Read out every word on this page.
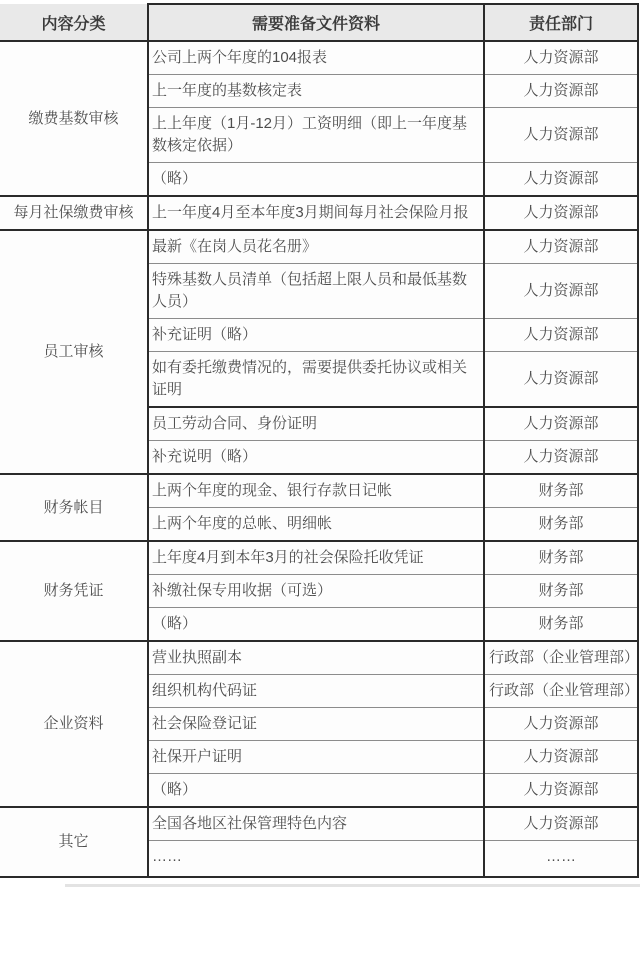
内容分类	需要准备文件资料	责任部门
缴费基数审核	公司上两个年度的104报表	人力资源部
	上一年度的基数核定表	人力资源部
	上上年度（1月-12月）工资明细（即上一年度基数核定依据）	人力资源部
	（略）	人力资源部
每月社保缴费审核	上一年度4月至本年度3月期间每月社会保险月报	人力资源部
员工审核	最新《在岗人员花名册》	人力资源部
	特殊基数人员清单（包括超上限人员和最低基数人员）	人力资源部
	补充证明（略）	人力资源部
	如有委托缴费情况的，需要提供委托协议或相关证明	人力资源部
	员工劳动合同、身份证明	人力资源部
	补充说明（略）	人力资源部
财务帐目	上两个年度的现金、银行存款日记帐	财务部
	上两个年度的总帐、明细帐	财务部
财务凭证	上年度4月到本年3月的社会保险托收凭证	财务部
	补缴社保专用收据（可选）	财务部
	（略）	财务部
企业资料	营业执照副本	行政部（企业管理部）
	组织机构代码证	行政部（企业管理部）
	社会保险登记证	人力资源部
	社保开户证明	人力资源部
	（略）	人力资源部
其它	全国各地区社保管理特色内容	人力资源部
	……	……
